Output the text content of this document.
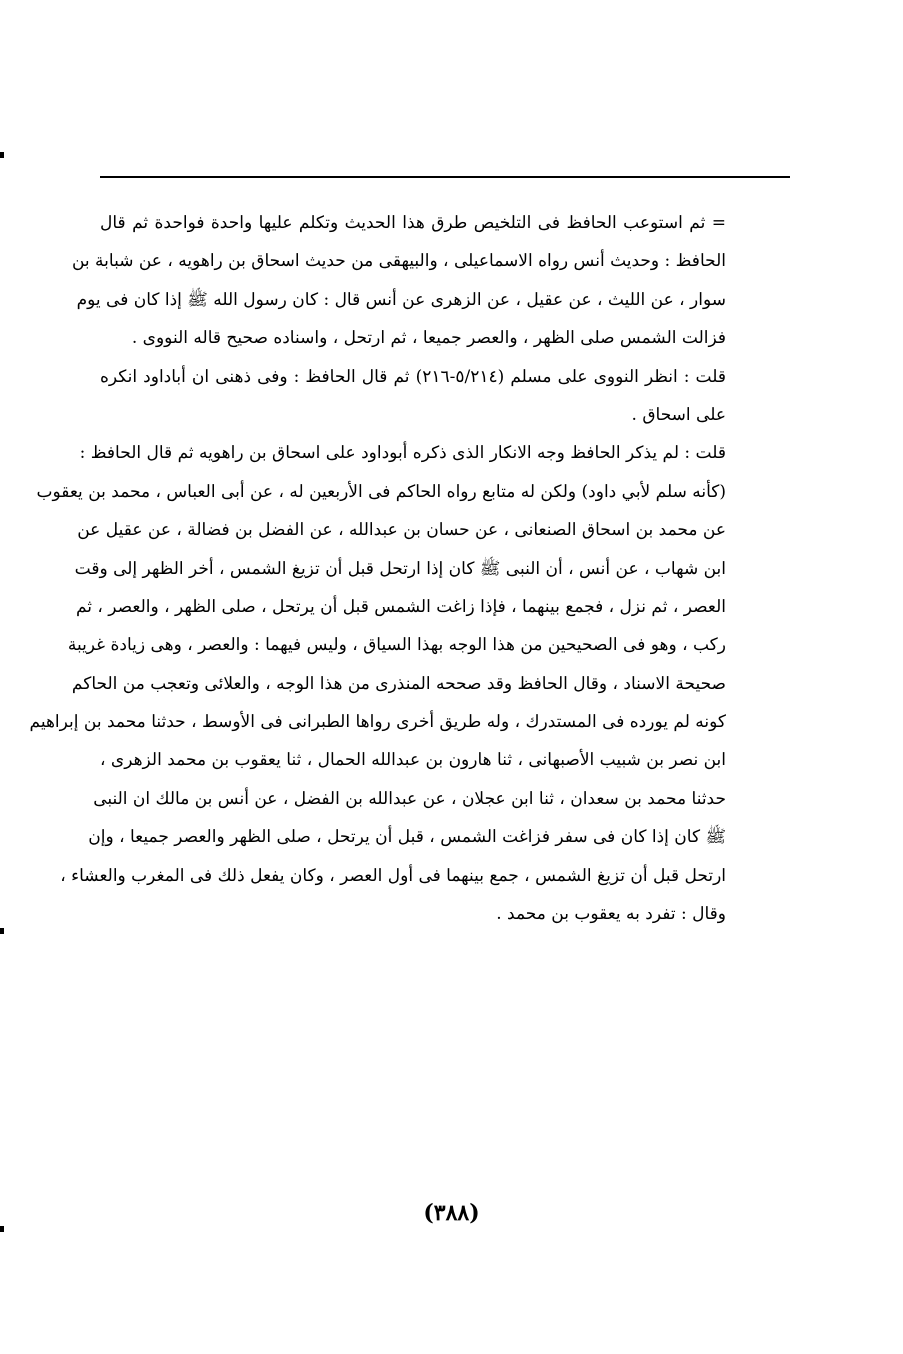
= ثم استوعب الحافظ فى التلخيص طرق هذا الحديث وتكلم عليها واحدة فواحدة ثم قال
الحافظ : وحديث أنس رواه الاسماعيلى ، والبيهقى من حديث اسحاق بن راهويه ، عن شبابة بن
سوار ، عن الليث ، عن عقيل ، عن الزهرى عن أنس قال : كان رسول الله ﷺ إذا كان فى يوم
فزالت الشمس صلى الظهر ، والعصر جميعا ، ثم ارتحل ، واسناده صحيح قاله النووى .
قلت : انظر النووى على مسلم (٥/٢١٤-٢١٦) ثم قال الحافظ : وفى ذهنى ان أباداود انكره
على اسحاق .
قلت : لم يذكر الحافظ وجه الانكار الذى ذكره أبوداود على اسحاق بن راهويه ثم قال الحافظ :
(كأنه سلم لأبي داود) ولكن له متابع رواه الحاكم فى الأربعين له ، عن أبى العباس ، محمد بن يعقوب
عن محمد بن اسحاق الصنعانى ، عن حسان بن عبدالله ، عن الفضل بن فضالة ، عن عقيل عن
ابن شهاب ، عن أنس ، أن النبى ﷺ كان إذا ارتحل قبل أن تزيغ الشمس ، أخر الظهر إلى وقت
العصر ، ثم نزل ، فجمع بينهما ، فإذا زاغت الشمس قبل أن يرتحل ، صلى الظهر ، والعصر ، ثم
ركب ، وهو فى الصحيحين من هذا الوجه بهذا السياق ، وليس فيهما : والعصر ، وهى زيادة غريبة
صحيحة الاسناد ، وقال الحافظ وقد صححه المنذرى من هذا الوجه ، والعلائى وتعجب من الحاكم
كونه لم يورده فى المستدرك ، وله طريق أخرى رواها الطبرانى فى الأوسط ، حدثنا محمد بن إبراهيم
ابن نصر بن شبيب الأصبهانى ، ثنا هارون بن عبدالله الحمال ، ثنا يعقوب بن محمد الزهرى ،
حدثنا محمد بن سعدان ، ثنا ابن عجلان ، عن عبدالله بن الفضل ، عن أنس بن مالك ان النبى
ﷺ كان إذا كان فى سفر فزاغت الشمس ، قبل أن يرتحل ، صلى الظهر والعصر جميعا ، وإن
ارتحل قبل أن تزيغ الشمس ، جمع بينهما فى أول العصر ، وكان يفعل ذلك فى المغرب والعشاء ،
وقال : تفرد به يعقوب بن محمد .
(٣٨٨)
